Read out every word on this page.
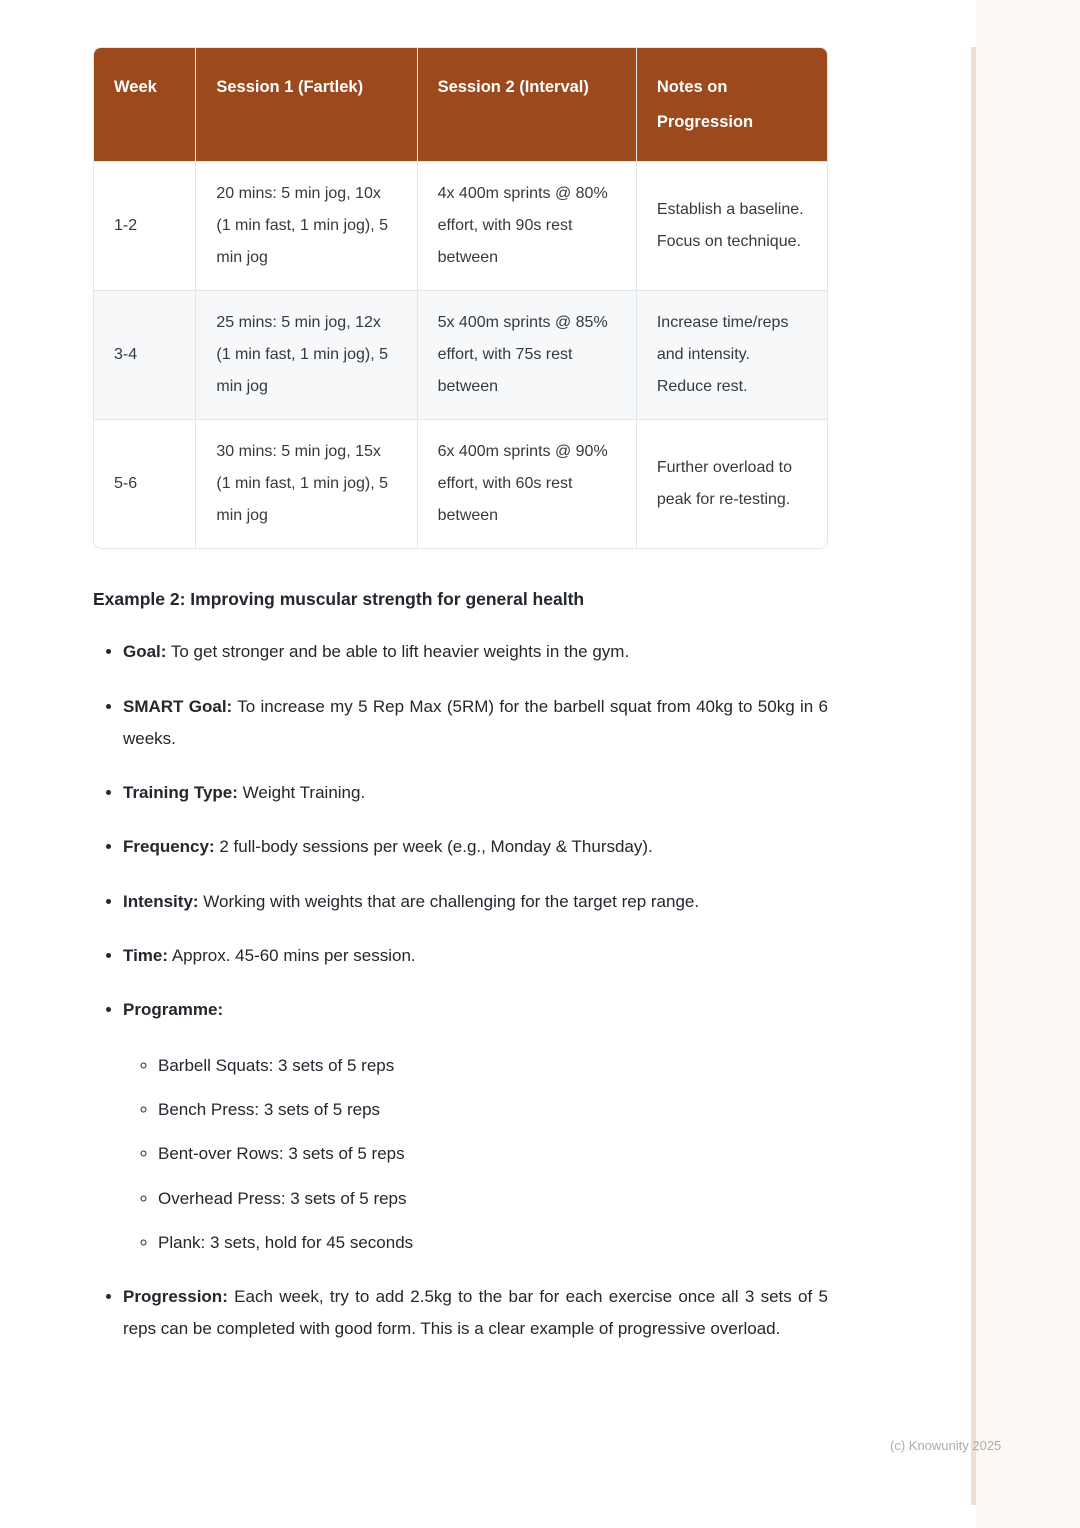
Week	Session 1 (Fartlek)	Session 2 (Interval)	Notes on Progression
1-2	20 mins: 5 min jog, 10x (1 min fast, 1 min jog), 5 min jog	4x 400m sprints @ 80% effort, with 90s rest between	Establish a baseline. Focus on technique.
3-4	25 mins: 5 min jog, 12x (1 min fast, 1 min jog), 5 min jog	5x 400m sprints @ 85% effort, with 75s rest between	Increase time/reps and intensity. Reduce rest.
5-6	30 mins: 5 min jog, 15x (1 min fast, 1 min jog), 5 min jog	6x 400m sprints @ 90% effort, with 60s rest between	Further overload to peak for re-testing.
Example 2: Improving muscular strength for general health
• Goal: To get stronger and be able to lift heavier weights in the gym.
• SMART Goal: To increase my 5 Rep Max (5RM) for the barbell squat from 40kg to 50kg in 6 weeks.
• Training Type: Weight Training.
• Frequency: 2 full-body sessions per week (e.g., Monday & Thursday).
• Intensity: Working with weights that are challenging for the target rep range.
• Time: Approx. 45-60 mins per session.
• Programme:
◦ Barbell Squats: 3 sets of 5 reps
◦ Bench Press: 3 sets of 5 reps
◦ Bent-over Rows: 3 sets of 5 reps
◦ Overhead Press: 3 sets of 5 reps
◦ Plank: 3 sets, hold for 45 seconds
• Progression: Each week, try to add 2.5kg to the bar for each exercise once all 3 sets of 5 reps can be completed with good form. This is a clear example of progressive overload.
(c) Knowunity 2025
